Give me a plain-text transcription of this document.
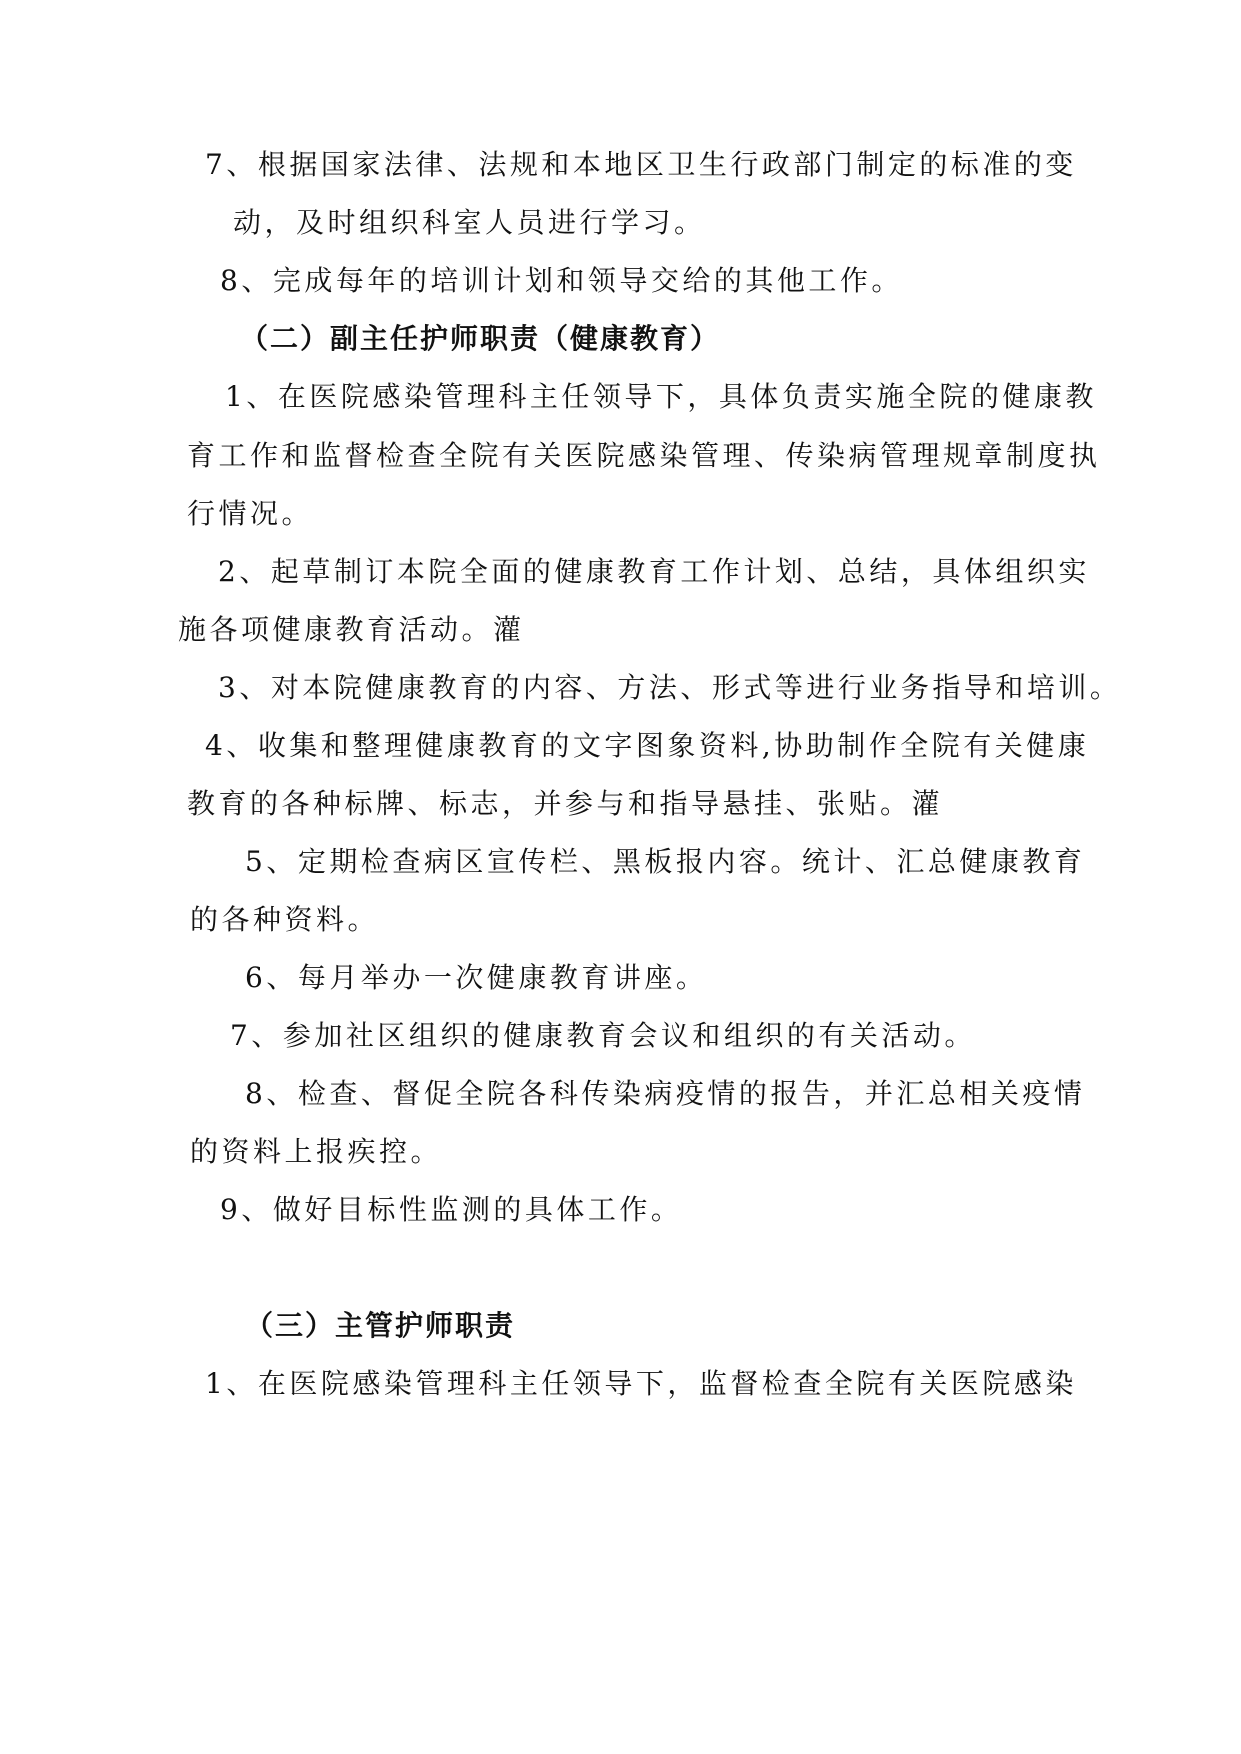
7、根据国家法律、法规和本地区卫生行政部门制定的标准的变
动，及时组织科室人员进行学习。
8、完成每年的培训计划和领导交给的其他工作。
（二）副主任护师职责（健康教育）
1、在医院感染管理科主任领导下，具体负责实施全院的健康教
育工作和监督检查全院有关医院感染管理、传染病管理规章制度执
行情况。
2、起草制订本院全面的健康教育工作计划、总结，具体组织实
施各项健康教育活动。灌
3、对本院健康教育的内容、方法、形式等进行业务指导和培训。
4、收集和整理健康教育的文字图象资料,协助制作全院有关健康
教育的各种标牌、标志，并参与和指导悬挂、张贴。灌
5、定期检查病区宣传栏、黑板报内容。统计、汇总健康教育
的各种资料。
6、每月举办一次健康教育讲座。
7、参加社区组织的健康教育会议和组织的有关活动。
8、检查、督促全院各科传染病疫情的报告，并汇总相关疫情
的资料上报疾控。
9、做好目标性监测的具体工作。
（三）主管护师职责
1、在医院感染管理科主任领导下，监督检查全院有关医院感染
